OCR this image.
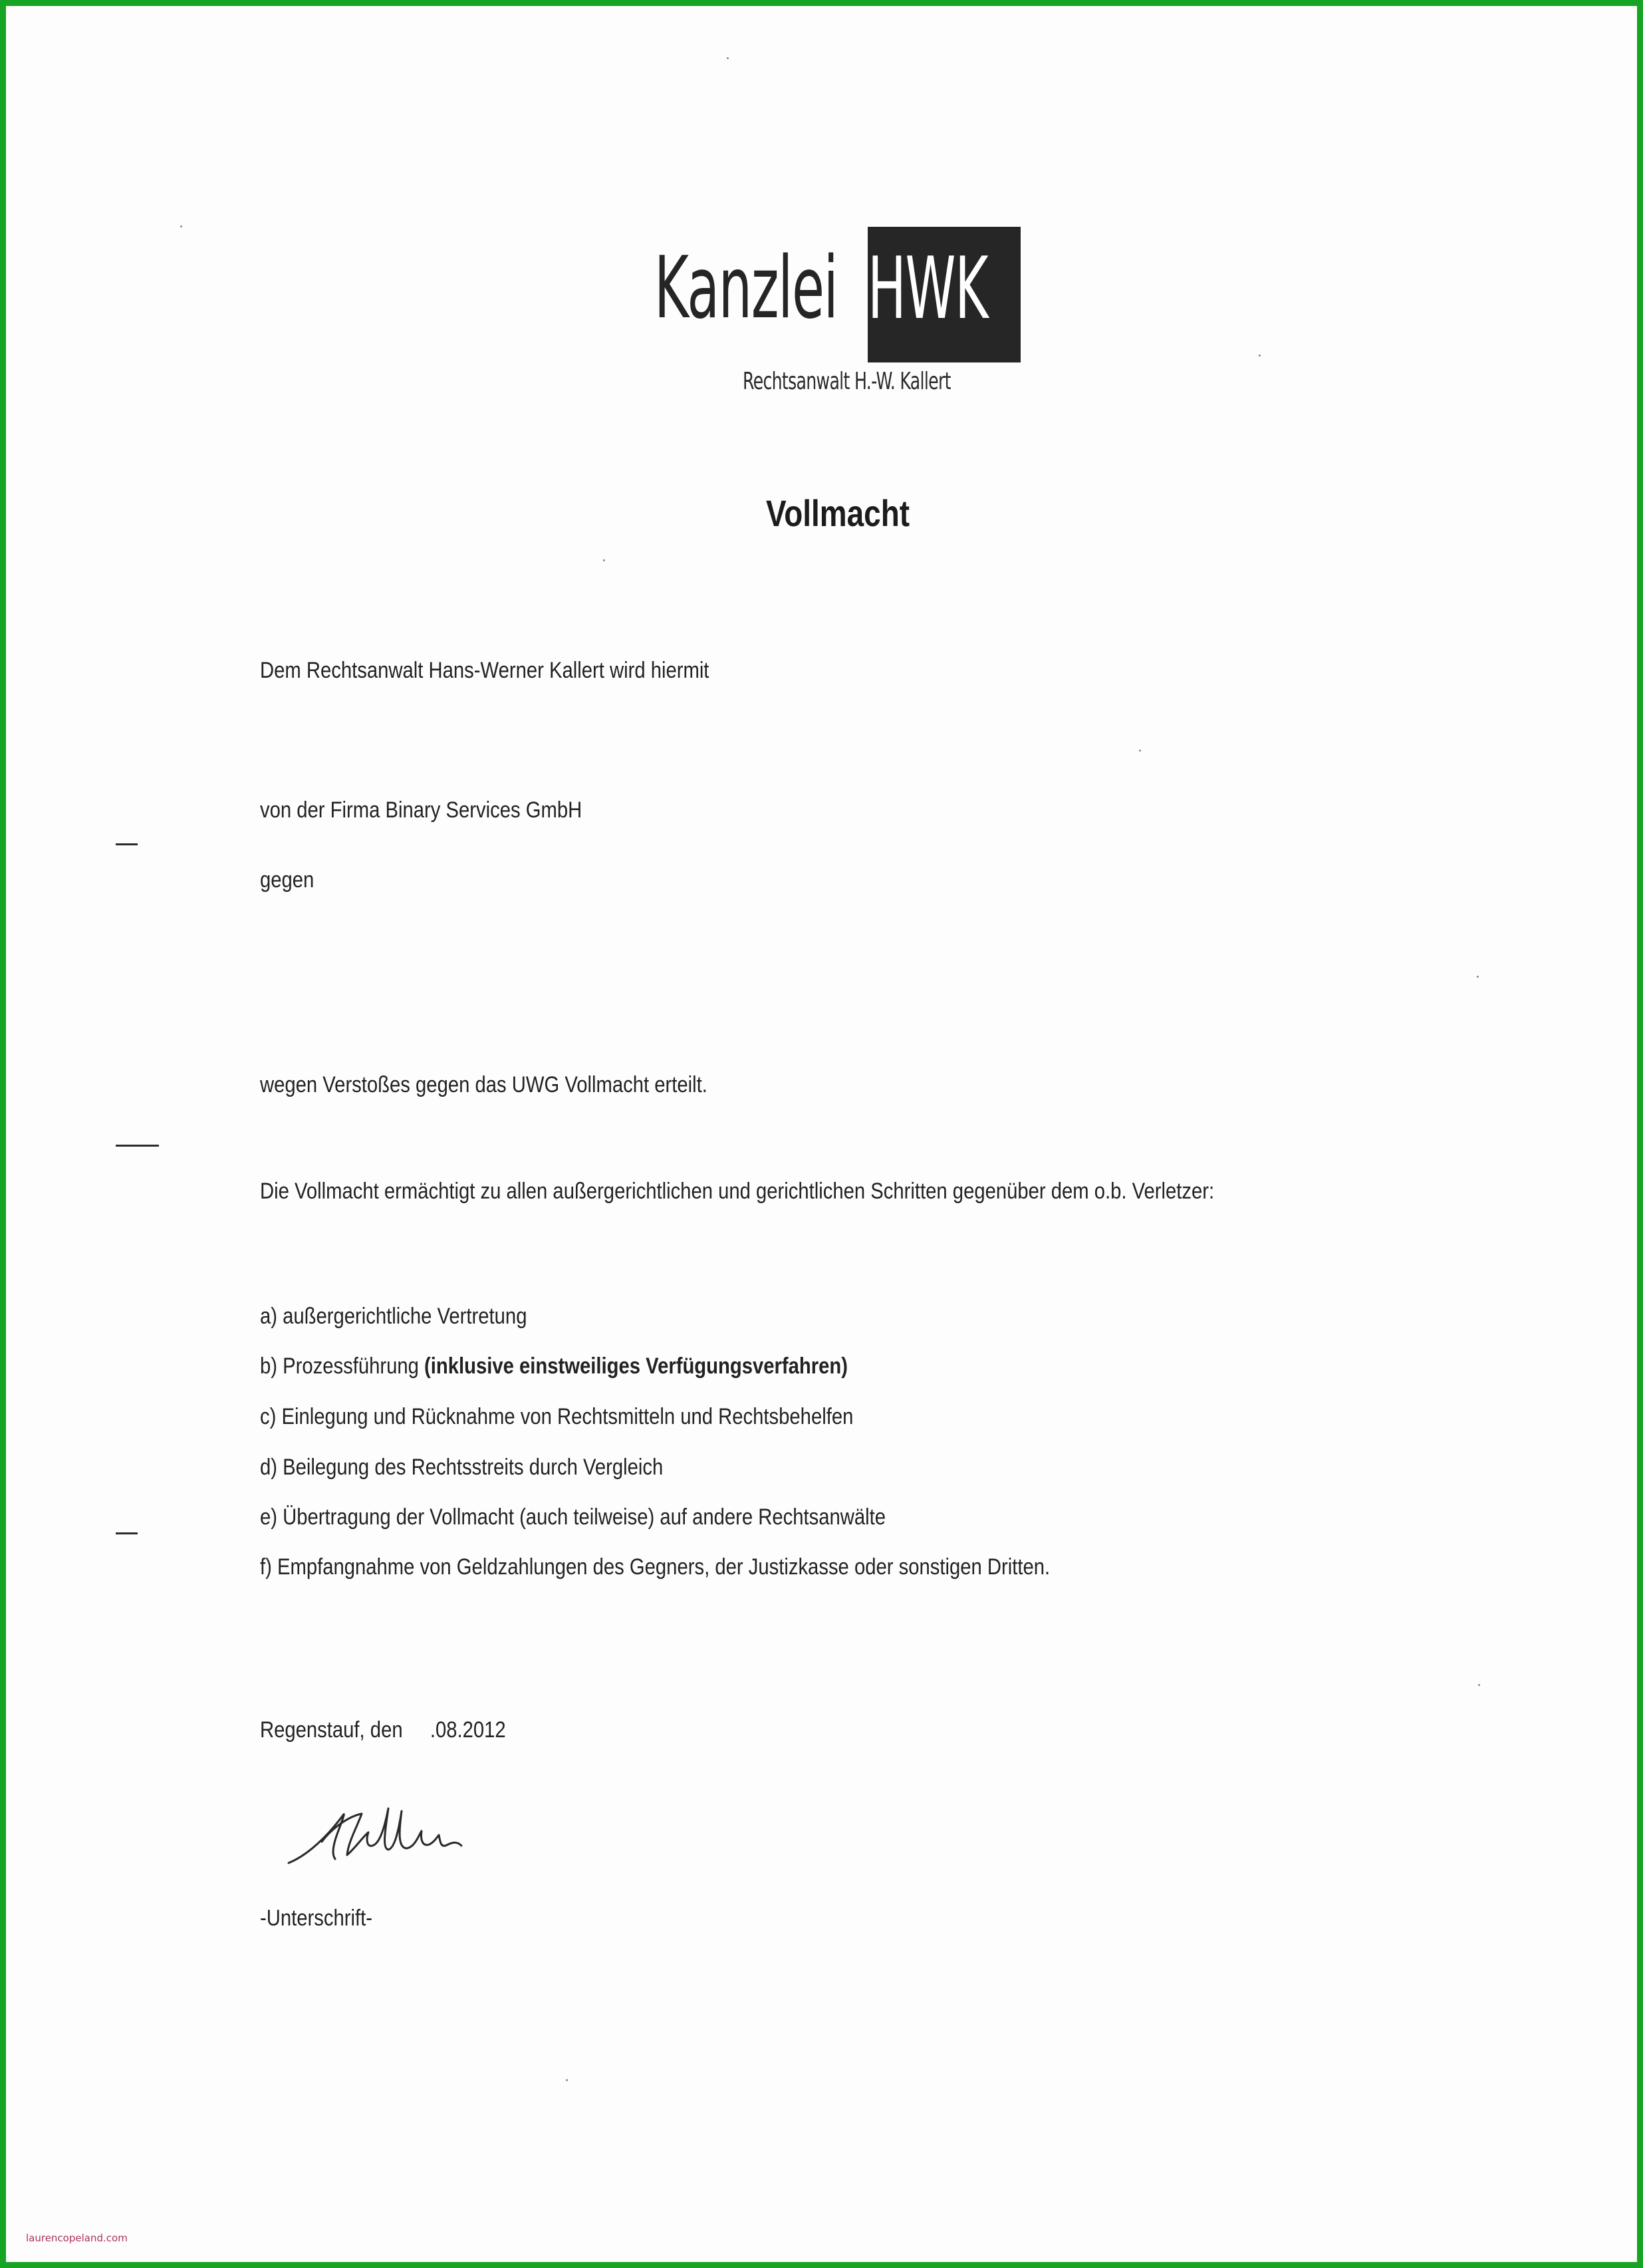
Kanzlei HWK
Rechtsanwalt H.-W. Kallert
Vollmacht
Dem Rechtsanwalt Hans-Werner Kallert wird hiermit
von der Firma Binary Services GmbH
gegen
wegen Verstoßes gegen das UWG Vollmacht erteilt.
Die Vollmacht ermächtigt zu allen außergerichtlichen und gerichtlichen Schritten gegenüber dem o.b. Verletzer:
a) außergerichtliche Vertretung
b) Prozessführung (inklusive einstweiliges Verfügungsverfahren)
c) Einlegung und Rücknahme von Rechtsmitteln und Rechtsbehelfen
d) Beilegung des Rechtsstreits durch Vergleich
e) Übertragung der Vollmacht (auch teilweise) auf andere Rechtsanwälte
f) Empfangnahme von Geldzahlungen des Gegners, der Justizkasse oder sonstigen Dritten.
Regenstauf, den .08.2012
-Unterschrift-
laurencopeland.com
